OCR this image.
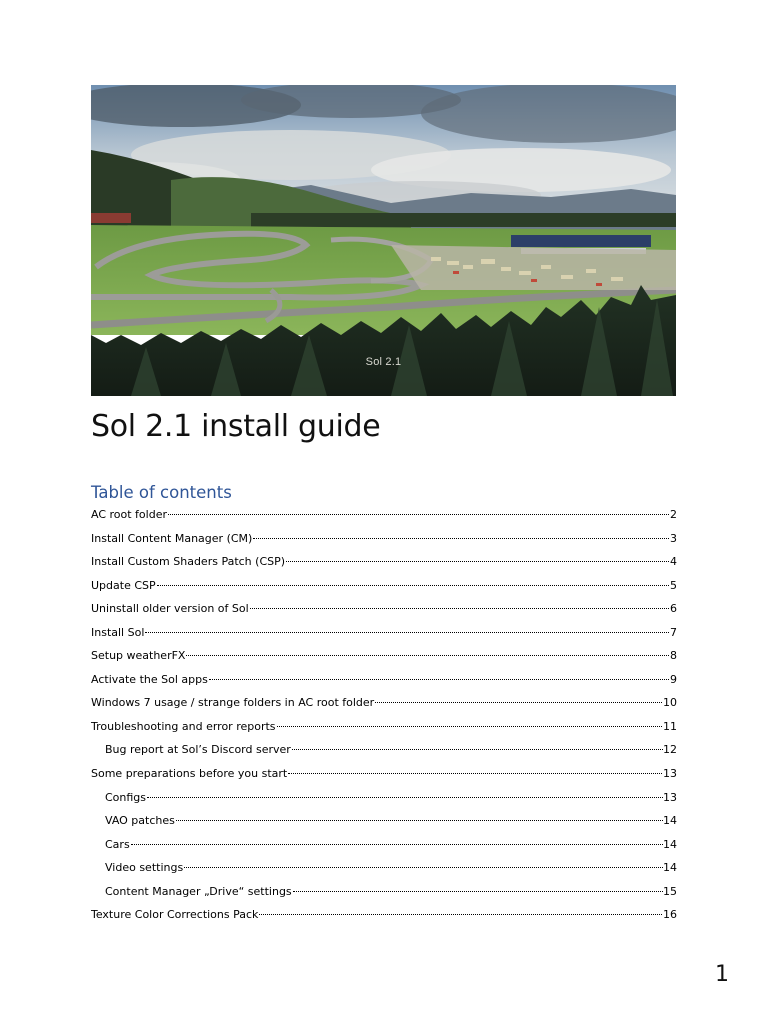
Sol 2.1
Sol 2.1 install guide
Table of contents
AC root folder	2
Install Content Manager (CM)	3
Install Custom Shaders Patch (CSP)	4
Update CSP	5
Uninstall older version of Sol	6
Install Sol	7
Setup weatherFX	8
Activate the Sol apps	9
Windows 7 usage / strange folders in AC root folder	10
Troubleshooting and error reports	11
Bug report at Sol’s Discord server	12
Some preparations before you start	13
Configs	13
VAO patches	14
Cars	14
Video settings	14
Content Manager „Drive“ settings	15
Texture Color Corrections Pack	16
1
